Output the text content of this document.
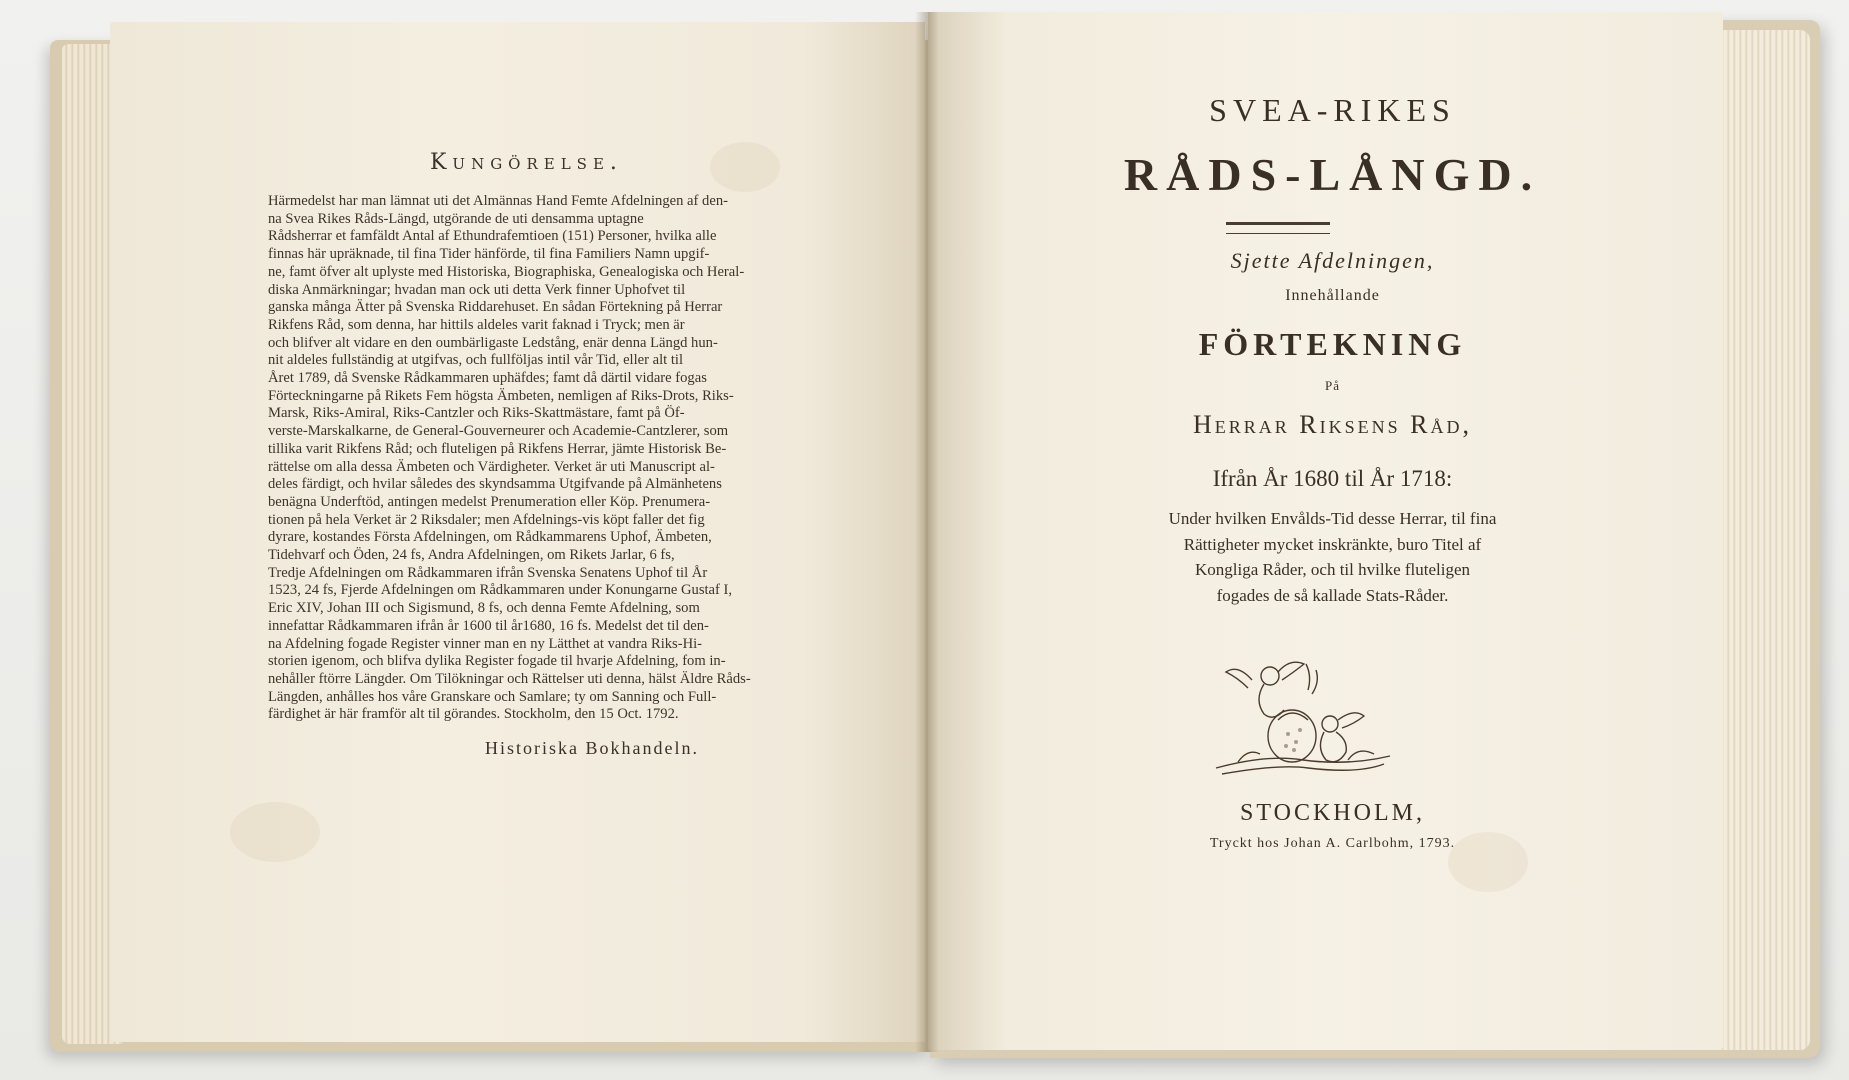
Kungörelse.
Härmedelst har man lämnat uti det Almännas Hand Femte Afdelningen af den-
na Svea Rikes Råds-Längd, utgörande de uti densamma uptagne
Rådsherrar et famfäldt Antal af Ethundrafemtioen (151) Personer, hvilka alle
finnas här upräknade, til fina Tider hänförde, til fina Familiers Namn upgif-
ne, famt öfver alt uplyste med Historiska, Biographiska, Genealogiska och Heral-
diska Anmärkningar; hvadan man ock uti detta Verk finner Uphofvet til
ganska många Ätter på Svenska Riddarehuset. En sådan Förtekning på Herrar
Rikfens Råd, som denna, har hittils aldeles varit faknad i Tryck; men är
och blifver alt vidare en den oumbärligaste Ledstång, enär denna Längd hun-
nit aldeles fullständig at utgifvas, och fullföljas intil vår Tid, eller alt til
Året 1789, då Svenske Rådkammaren uphäfdes; famt då därtil vidare fogas
Förteckningarne på Rikets Fem högsta Ämbeten, nemligen af Riks-Drots, Riks-
Marsk, Riks-Amiral, Riks-Cantzler och Riks-Skattmästare, famt på Öf-
verste-Marskalkarne, de General-Gouverneurer och Academie-Cantzlerer, som
tillika varit Rikfens Råd; och fluteligen på Rikfens Herrar, jämte Historisk Be-
rättelse om alla dessa Ämbeten och Värdigheter. Verket är uti Manuscript al-
deles färdigt, och hvilar således des skyndsamma Utgifvande på Almänhetens
benägna Underftöd, antingen medelst Prenumeration eller Köp. Prenumera-
tionen på hela Verket är 2 Riksdaler; men Afdelnings-vis köpt faller det fig
dyrare, kostandes Första Afdelningen, om Rådkammarens Uphof, Ämbeten,
Tidehvarf och Öden, 24 fs, Andra Afdelningen, om Rikets Jarlar, 6 fs,
Tredje Afdelningen om Rådkammaren ifrån Svenska Senatens Uphof til År
1523, 24 fs, Fjerde Afdelningen om Rådkammaren under Konungarne Gustaf I,
Eric XIV, Johan III och Sigismund, 8 fs, och denna Femte Afdelning, som
innefattar Rådkammaren ifrån år 1600 til år1680, 16 fs. Medelst det til den-
na Afdelning fogade Register vinner man en ny Lätthet at vandra Riks-Hi-
storien igenom, och blifva dylika Register fogade til hvarje Afdelning, fom in-
nehåller ftörre Längder. Om Tilökningar och Rättelser uti denna, hälst Äldre Råds-
Längden, anhålles hos våre Granskare och Samlare; ty om Sanning och Full-
färdighet är här framför alt til görandes. Stockholm, den 15 Oct. 1792.
Historiska Bokhandeln.
SVEA-RIKES
RÅDS-LÅNGD.
Sjette Afdelningen,
Innehållande
FÖRTEKNING
På
Herrar Riksens Råd,
Ifrån År 1680 til År 1718:
Under hvilken Envålds-Tid desse Herrar, til fina
Rättigheter mycket inskränkte, buro Titel af
Kongliga Råder, och til hvilke fluteligen
fogades de så kallade Stats-Råder.
STOCKHOLM,
Tryckt hos Johan A. Carlbohm, 1793.
